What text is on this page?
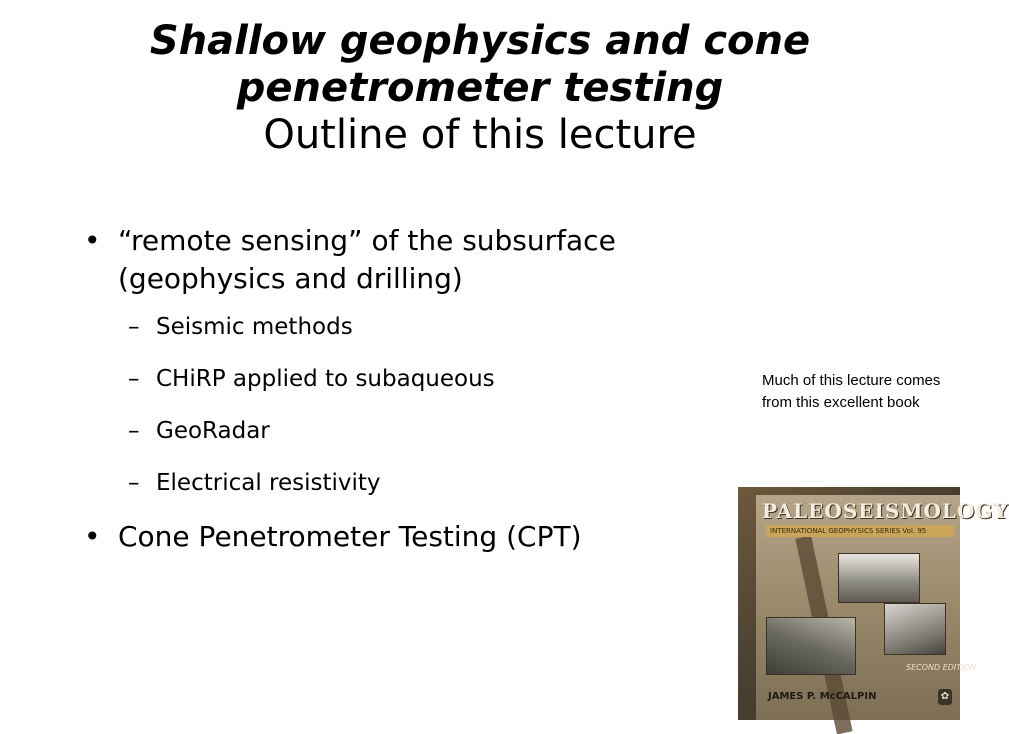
Shallow geophysics and cone penetrometer testing
Outline of this lecture
• “remote sensing” of the subsurface (geophysics and drilling)
– Seismic methods
– CHiRP applied to subaqueous
– GeoRadar
– Electrical resistivity
• Cone Penetrometer Testing (CPT)
Much of this lecture comes from this excellent book
PALEOSEISMOLOGY
INTERNATIONAL GEOPHYSICS SERIES Vol. 95
SECOND EDITION
JAMES P. McCALPIN	✿
